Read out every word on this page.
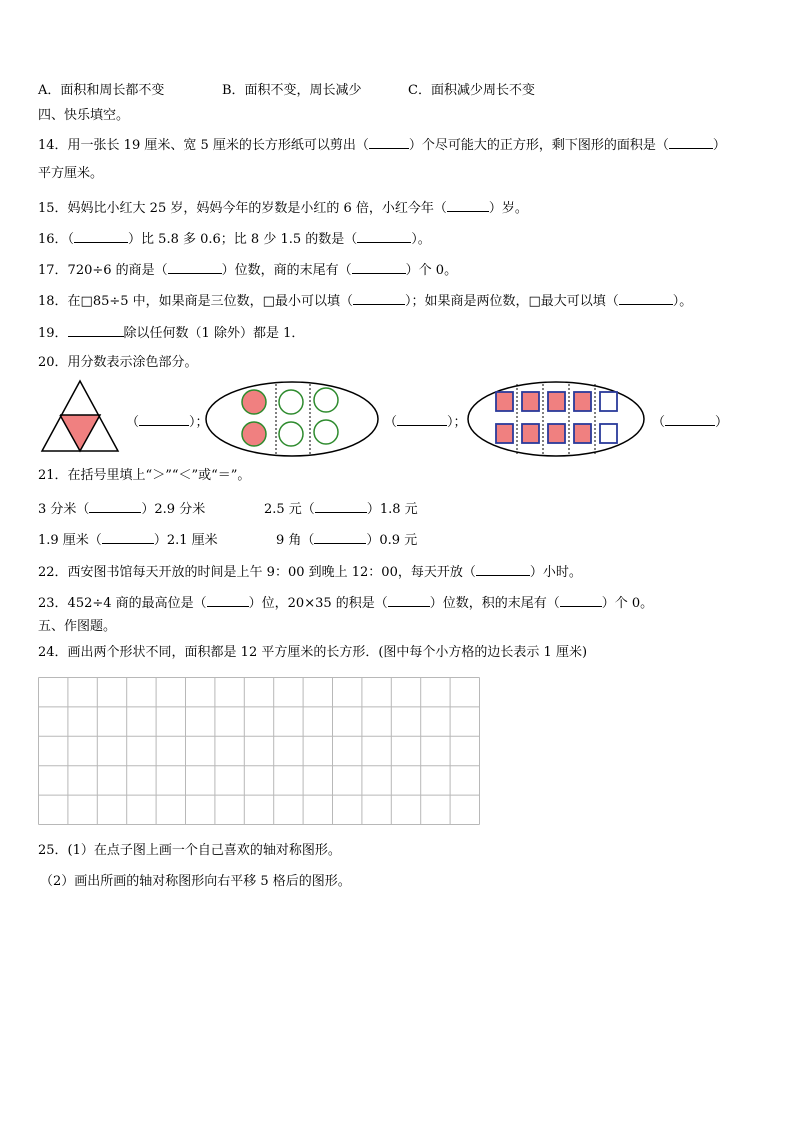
A．面积和周长都不变	B．面积不变，周长减少	C．面积减少周长不变
四、快乐填空。
14．用一张长 19 厘米、宽 5 厘米的长方形纸可以剪出（	）个尽可能大的正方形，剩下图形的面积是（	）
平方厘米。
15．妈妈比小红大 25 岁，妈妈今年的岁数是小红的 6 倍，小红今年（	）岁。
16．（	）比 5.8 多 0.6；比 8 少 1.5 的数是（	）。
17．720÷6 的商是（	）位数，商的末尾有（	）个 0。
18．在□85÷5 中，如果商是三位数，□最小可以填（	）；如果商是两位数，□最大可以填（	）。
19．	除以任何数（1 除外）都是 1．
20．用分数表示涂色部分。
（	）；	（	）；	（	）
21．在括号里填上“＞”“＜”或“＝”。
3 分米（	）2.9 分米	2.5 元（	）1.8 元
1.9 厘米（	）2.1 厘米	9 角（	）0.9 元
22．西安图书馆每天开放的时间是上午 9：00 到晚上 12：00，每天开放（	）小时。
23．452÷4 商的最高位是（	）位，20×35 的积是（	）位数，积的末尾有（	）个 0。
五、作图题。
24．画出两个形状不同，面积都是 12 平方厘米的长方形．(图中每个小方格的边长表示 1 厘米)
25．(1）在点子图上画一个自己喜欢的轴对称图形。
（2）画出所画的轴对称图形向右平移 5 格后的图形。
